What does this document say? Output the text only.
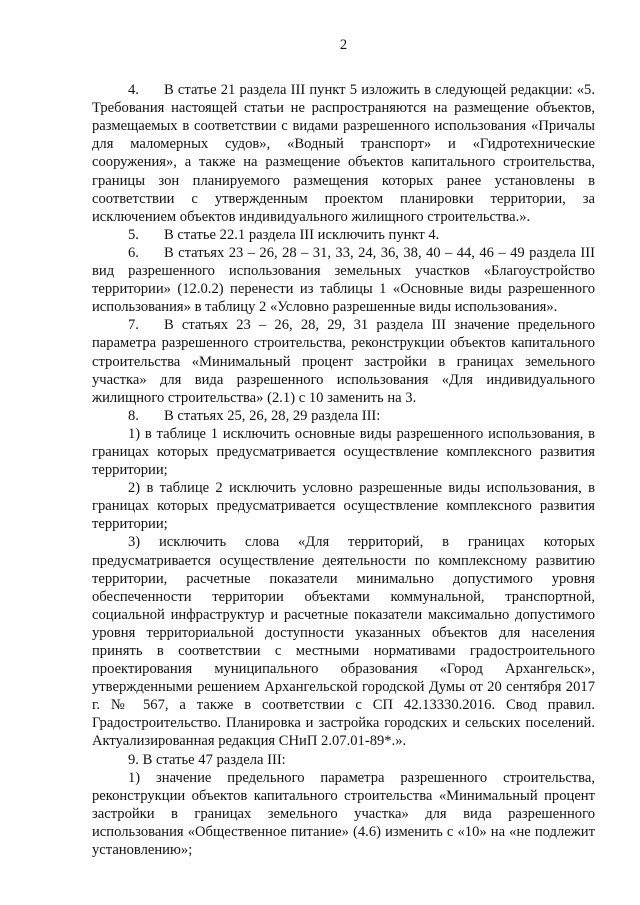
2

4. В статье 21 раздела III пункт 5 изложить в следующей редакции: «5. Требования настоящей статьи не распространяются на размещение объектов, размещаемых в соответствии с видами разрешенного использования «Причалы для маломерных судов», «Водный транспорт» и «Гидротехнические сооружения», а также на размещение объектов капитального строительства, границы зон планируемого размещения которых ранее установлены в соответствии с утвержденным проектом планировки территории, за исключением объектов индивидуального жилищного строительства.».

5. В статье 22.1 раздела III исключить пункт 4.

6. В статьях 23 – 26, 28 – 31, 33, 24, 36, 38, 40 – 44, 46 – 49 раздела III вид разрешенного использования земельных участков «Благоустройство территории» (12.0.2) перенести из таблицы 1 «Основные виды разрешенного использования» в таблицу 2 «Условно разрешенные виды использования».

7. В статьях 23 – 26, 28, 29, 31 раздела III значение предельного параметра разрешенного строительства, реконструкции объектов капитального строительства «Минимальный процент застройки в границах земельного участка» для вида разрешенного использования «Для индивидуального жилищного строительства» (2.1) с 10 заменить на 3.

8. В статьях 25, 26, 28, 29 раздела III:

1) в таблице 1 исключить основные виды разрешенного использования, в границах которых предусматривается осуществление комплексного развития территории;

2) в таблице 2 исключить условно разрешенные виды использования, в границах которых предусматривается осуществление комплексного развития территории;

3) исключить слова «Для территорий, в границах которых предусматривается осуществление деятельности по комплексному развитию территории, расчетные показатели минимально допустимого уровня обеспеченности территории объектами коммунальной, транспортной, социальной инфраструктур и расчетные показатели максимально допустимого уровня территориальной доступности указанных объектов для населения принять в соответствии с местными нормативами градостроительного проектирования муниципального образования «Город Архангельск», утвержденными решением Архангельской городской Думы от 20 сентября 2017 г. № 567, а также в соответствии с СП 42.13330.2016. Свод правил. Градостроительство. Планировка и застройка городских и сельских поселений. Актуализированная редакция СНиП 2.07.01-89*.».

9. В статье 47 раздела III:

1) значение предельного параметра разрешенного строительства, реконструкции объектов капитального строительства «Минимальный процент застройки в границах земельного участка» для вида разрешенного использования «Общественное питание» (4.6) изменить с «10» на «не подлежит установлению»;
